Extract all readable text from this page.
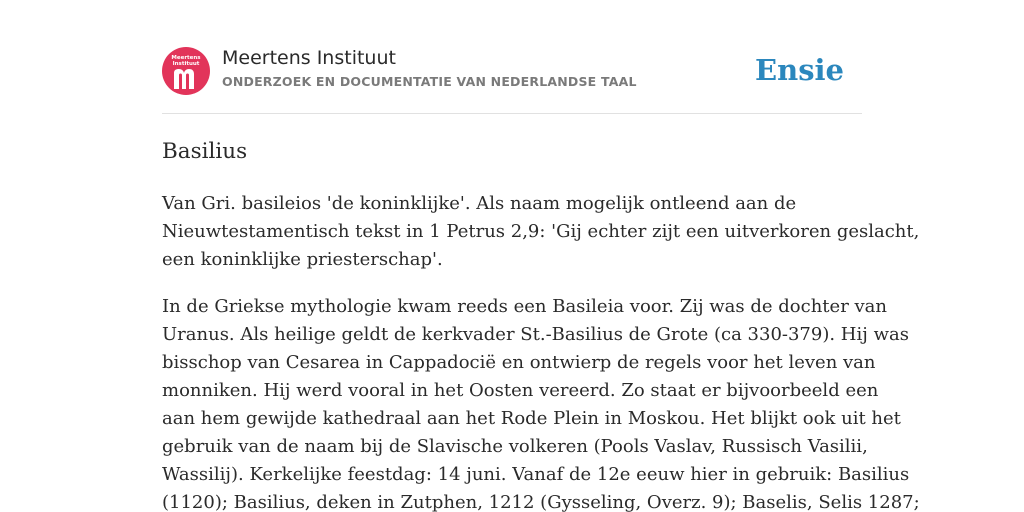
Meertens
Instituut	Meertens Instituut
ONDERZOEK EN DOCUMENTATIE VAN NEDERLANDSE TAAL	Ensie
Basilius

Van Gri. basileios 'de koninklijke'. Als naam mogelijk ontleend aan de
Nieuwtestamentisch tekst in 1 Petrus 2,9: 'Gij echter zijt een uitverkoren geslacht,
een koninklijke priesterschap'.

In de Griekse mythologie kwam reeds een Basileia voor. Zij was de dochter van
Uranus. Als heilige geldt de kerkvader St.-Basilius de Grote (ca 330-379). Hij was
bisschop van Cesarea in Cappadocië en ontwierp de regels voor het leven van
monniken. Hij werd vooral in het Oosten vereerd. Zo staat er bijvoorbeeld een
aan hem gewijde kathedraal aan het Rode Plein in Moskou. Het blijkt ook uit het
gebruik van de naam bij de Slavische volkeren (Pools Vaslav, Russisch Vasilii,
Wassilij). Kerkelijke feestdag: 14 juni. Vanaf de 12e eeuw hier in gebruik: Basilius
(1120); Basilius, deken in Zutphen, 1212 (Gysseling, Overz. 9); Baselis, Selis 1287;
